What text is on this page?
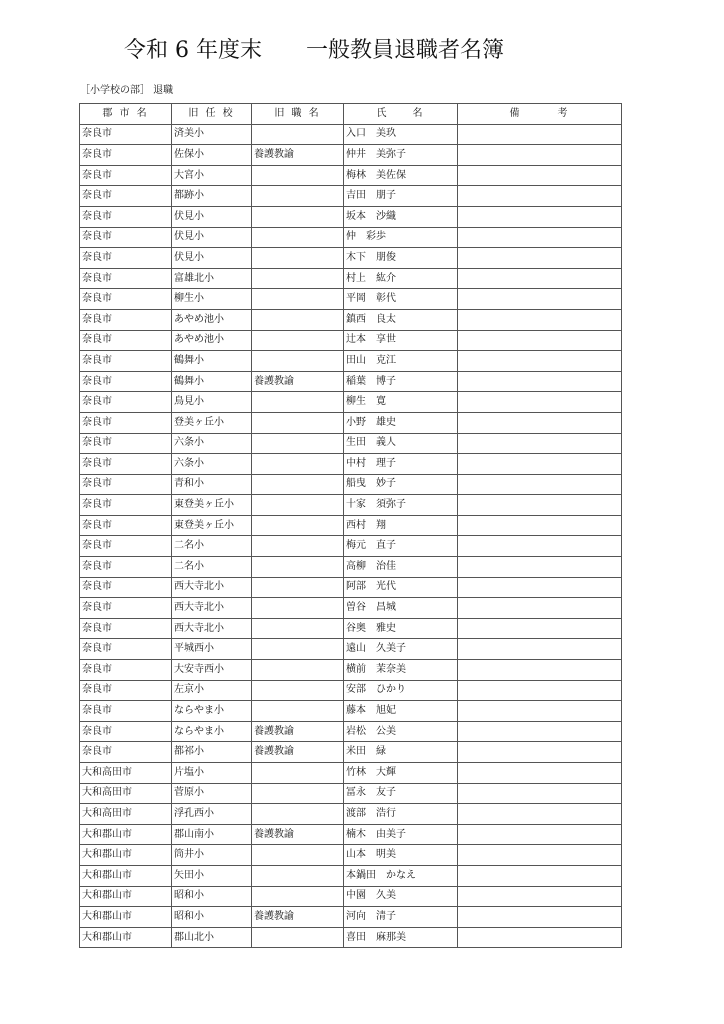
令和 6 年度末　　一般教員退職者名簿
［小学校の部］ 退職
郡 市 名	旧 任 校	旧 職 名	氏　　名	備　　　考
奈良市	済美小		入口　美玖	
奈良市	佐保小	養護教諭	仲井　美弥子	
奈良市	大宮小		梅林　美佐保	
奈良市	都跡小		吉田　朋子	
奈良市	伏見小		坂本　沙織	
奈良市	伏見小		仲　彩歩	
奈良市	伏見小		木下　朋俊	
奈良市	富雄北小		村上　紘介	
奈良市	柳生小		平岡　彰代	
奈良市	あやめ池小		鎮西　良太	
奈良市	あやめ池小		辻本　享世	
奈良市	鶴舞小		田山　克江	
奈良市	鶴舞小	養護教諭	稲葉　博子	
奈良市	鳥見小		柳生　寛	
奈良市	登美ヶ丘小		小野　雄史	
奈良市	六条小		生田　義人	
奈良市	六条小		中村　理子	
奈良市	青和小		船曳　妙子	
奈良市	東登美ヶ丘小		十家　須弥子	
奈良市	東登美ヶ丘小		西村　翔	
奈良市	二名小		梅元　直子	
奈良市	二名小		高柳　治佳	
奈良市	西大寺北小		阿部　光代	
奈良市	西大寺北小		曽谷　昌城	
奈良市	西大寺北小		谷奥　雅史	
奈良市	平城西小		遠山　久美子	
奈良市	大安寺西小		横前　茉奈美	
奈良市	左京小		安部　ひかり	
奈良市	ならやま小		藤本　旭妃	
奈良市	ならやま小	養護教諭	岩松　公美	
奈良市	都祁小	養護教諭	米田　緑	
大和高田市	片塩小		竹林　大輝	
大和高田市	菅原小		冨永　友子	
大和高田市	浮孔西小		渡部　浩行	
大和郡山市	郡山南小	養護教諭	楠木　由美子	
大和郡山市	筒井小		山本　明美	
大和郡山市	矢田小		本鍋田　かなえ	
大和郡山市	昭和小		中園　久美	
大和郡山市	昭和小	養護教諭	河向　清子	
大和郡山市	郡山北小		喜田　麻那美	
